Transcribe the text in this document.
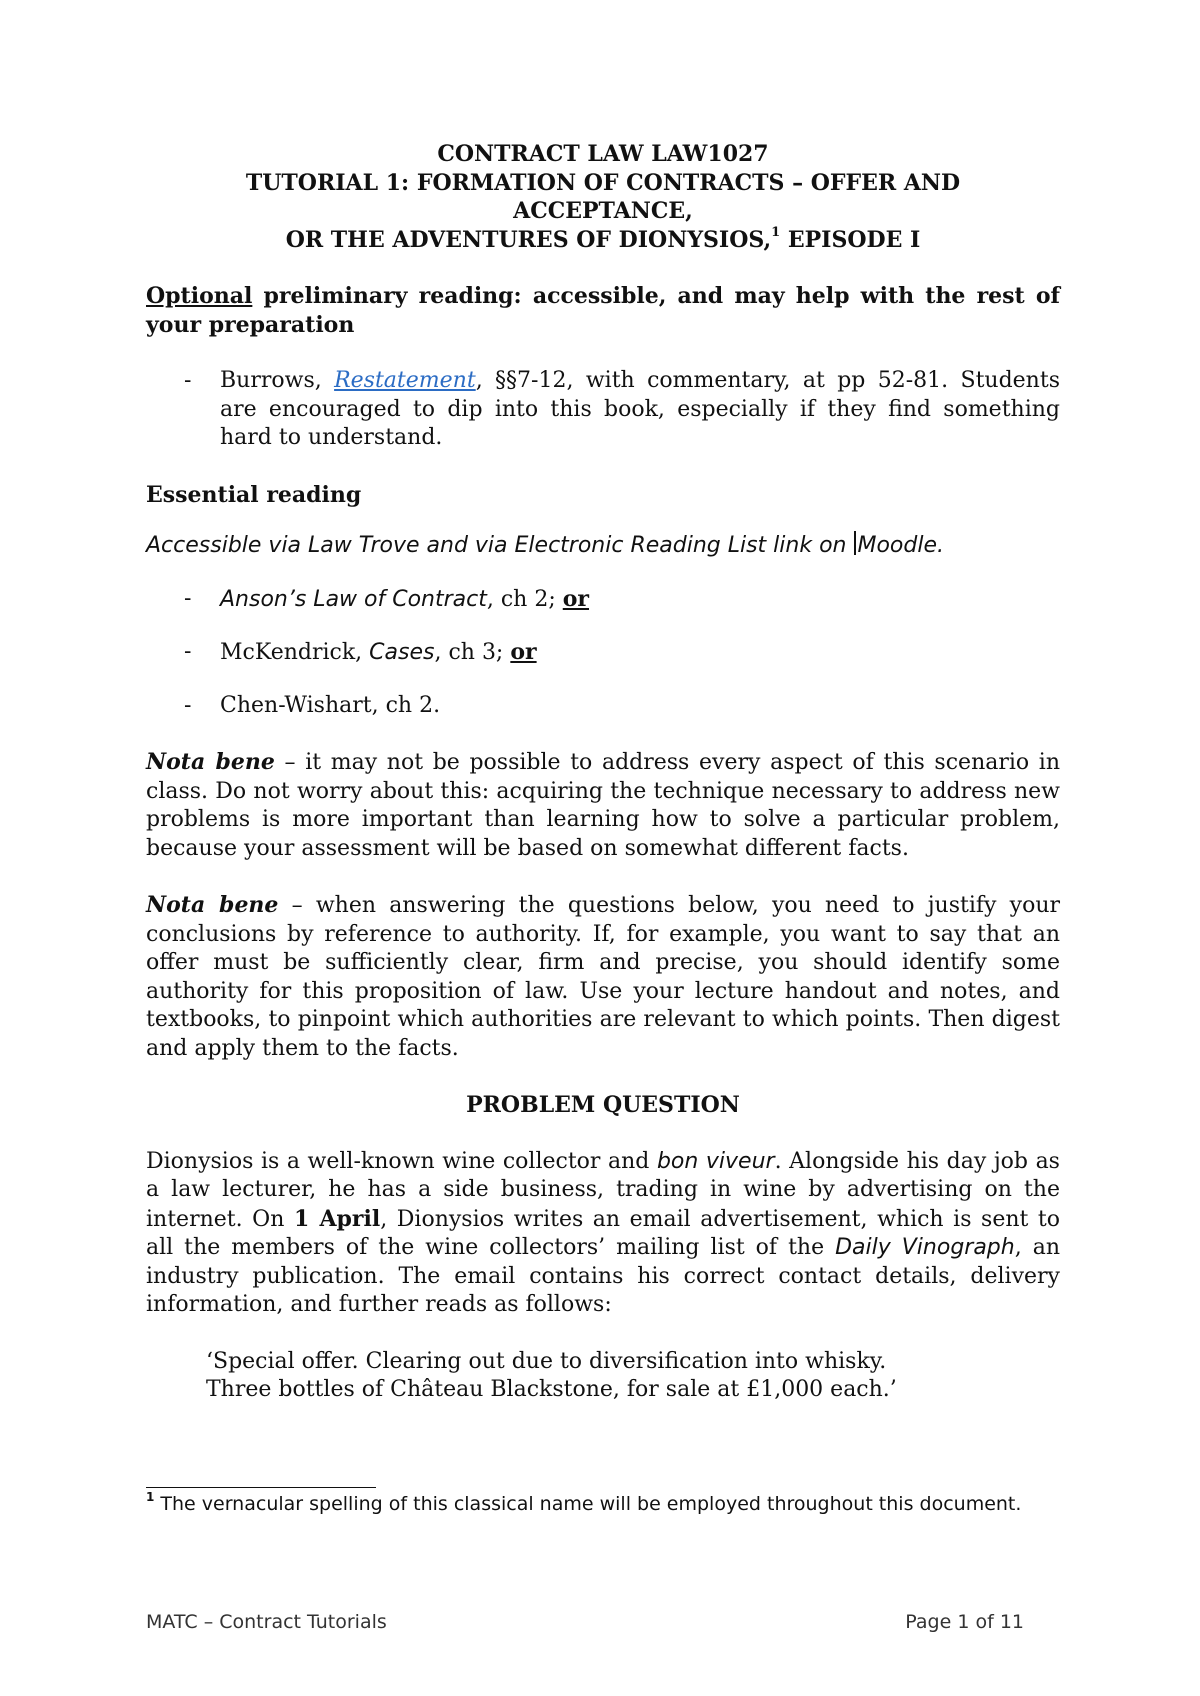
CONTRACT LAW LAW1027
TUTORIAL 1: FORMATION OF CONTRACTS – OFFER AND
ACCEPTANCE,
OR THE ADVENTURES OF DIONYSIOS,$^1$ EPISODE I

Optional preliminary reading: accessible, and may help with the rest of your preparation

- Burrows, Restatement, §§7-12, with commentary, at pp 52-81. Students are encouraged to dip into this book, especially if they find something hard to understand.

Essential reading

Accessible via Law Trove and via Electronic Reading List link on Moodle.

- Anson’s Law of Contract, ch 2; or
- McKendrick, Cases, ch 3; or
- Chen-Wishart, ch 2.

Nota bene – it may not be possible to address every aspect of this scenario in class. Do not worry about this: acquiring the technique necessary to address new problems is more important than learning how to solve a particular problem, because your assessment will be based on somewhat different facts.

Nota bene – when answering the questions below, you need to justify your conclusions by reference to authority. If, for example, you want to say that an offer must be sufficiently clear, firm and precise, you should identify some authority for this proposition of law. Use your lecture handout and notes, and textbooks, to pinpoint which authorities are relevant to which points. Then digest and apply them to the facts.

PROBLEM QUESTION

Dionysios is a well-known wine collector and bon viveur. Alongside his day job as a law lecturer, he has a side business, trading in wine by advertising on the internet. On 1 April, Dionysios writes an email advertisement, which is sent to all the members of the wine collectors’ mailing list of the Daily Vinograph, an industry publication. The email contains his correct contact details, delivery information, and further reads as follows:

‘Special offer. Clearing out due to diversification into whisky.
Three bottles of Château Blackstone, for sale at £1,000 each.’
$^1$ The vernacular spelling of this classical name will be employed throughout this document.
MATC – Contract Tutorials	Page 1 of 11
